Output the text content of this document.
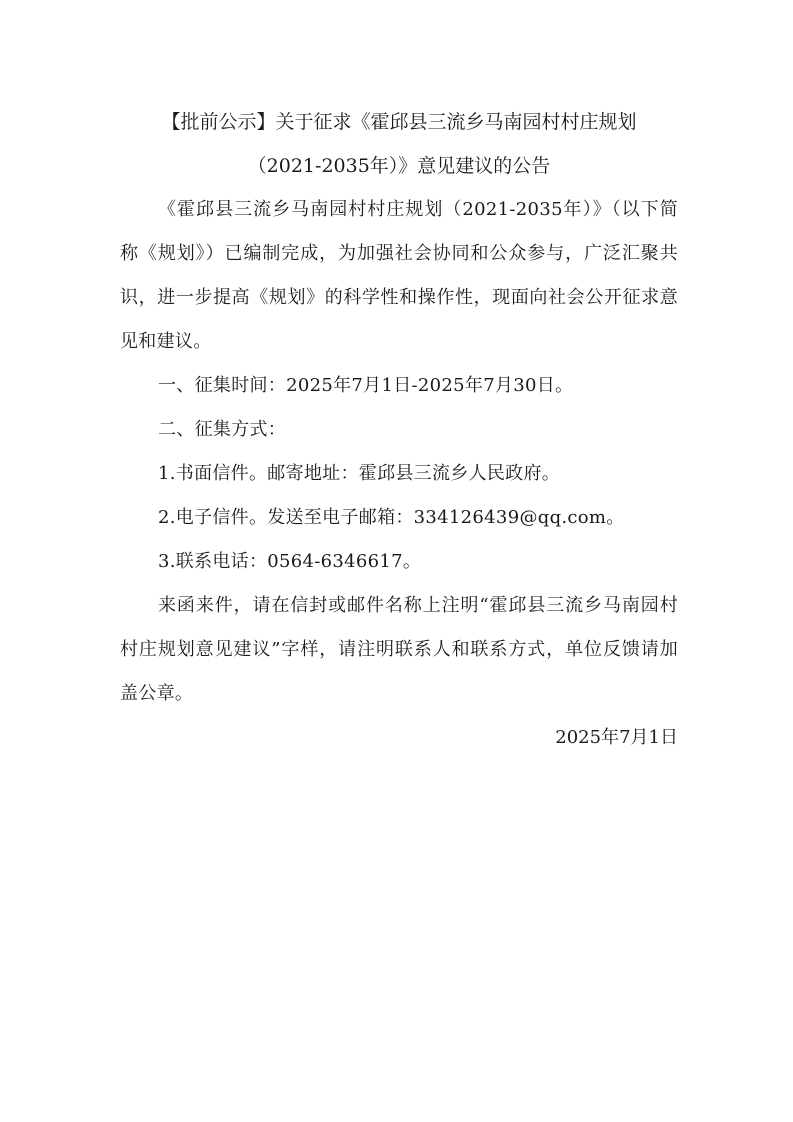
【批前公示】关于征求《霍邱县三流乡马南园村村庄规划
（2021-2035年）》意见建议的公告

《霍邱县三流乡马南园村村庄规划（2021-2035年）》（以下简称《规划》）已编制完成，为加强社会协同和公众参与，广泛汇聚共识，进一步提高《规划》的科学性和操作性，现面向社会公开征求意见和建议。

一、征集时间：2025年7月1日-2025年7月30日。

二、征集方式：

1.书面信件。邮寄地址：霍邱县三流乡人民政府。

2.电子信件。发送至电子邮箱：334126439@qq.com。

3.联系电话：0564-6346617。

来函来件，请在信封或邮件名称上注明“霍邱县三流乡马南园村村庄规划意见建议”字样，请注明联系人和联系方式，单位反馈请加盖公章。

2025年7月1日
